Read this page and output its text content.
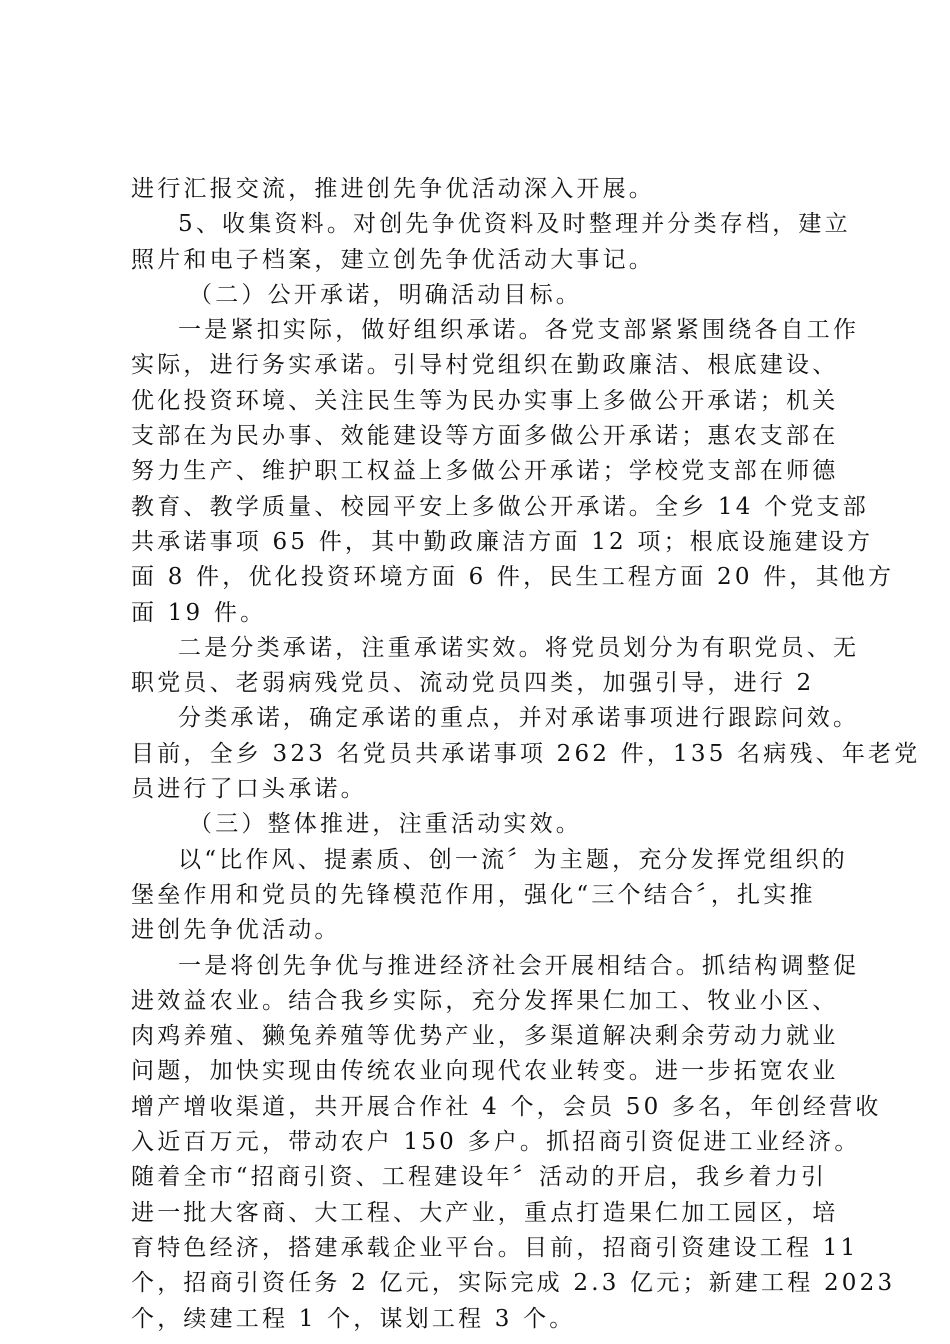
进行汇报交流，推进创先争优活动深入开展。
5、收集资料。对创先争优资料及时整理并分类存档，建立
照片和电子档案，建立创先争优活动大事记。
（二）公开承诺，明确活动目标。
一是紧扣实际，做好组织承诺。各党支部紧紧围绕各自工作
实际，进行务实承诺。引导村党组织在勤政廉洁、根底建设、
优化投资环境、关注民生等为民办实事上多做公开承诺；机关
支部在为民办事、效能建设等方面多做公开承诺；惠农支部在
努力生产、维护职工权益上多做公开承诺；学校党支部在师德
教育、教学质量、校园平安上多做公开承诺。全乡 14 个党支部
共承诺事项 65 件，其中勤政廉洁方面 12 项；根底设施建设方
面 8 件，优化投资环境方面 6 件，民生工程方面 20 件，其他方
面 19 件。
二是分类承诺，注重承诺实效。将党员划分为有职党员、无
职党员、老弱病残党员、流动党员四类，加强引导，进行 2
分类承诺，确定承诺的重点，并对承诺事项进行跟踪问效。
目前，全乡 323 名党员共承诺事项 262 件，135 名病残、年老党
员进行了口头承诺。
（三）整体推进，注重活动实效。
以“比作风、提素质、创一流〞为主题，充分发挥党组织的
堡垒作用和党员的先锋模范作用，强化“三个结合〞，扎实推
进创先争优活动。
一是将创先争优与推进经济社会开展相结合。抓结构调整促
进效益农业。结合我乡实际，充分发挥果仁加工、牧业小区、
肉鸡养殖、獭兔养殖等优势产业，多渠道解决剩余劳动力就业
问题，加快实现由传统农业向现代农业转变。进一步拓宽农业
增产增收渠道，共开展合作社 4 个，会员 50 多名，年创经营收
入近百万元，带动农户 150 多户。抓招商引资促进工业经济。
随着全市“招商引资、工程建设年〞活动的开启，我乡着力引
进一批大客商、大工程、大产业，重点打造果仁加工园区，培
育特色经济，搭建承载企业平台。目前，招商引资建设工程 11
个，招商引资任务 2 亿元，实际完成 2.3 亿元；新建工程 2023
个，续建工程 1 个，谋划工程 3 个。
